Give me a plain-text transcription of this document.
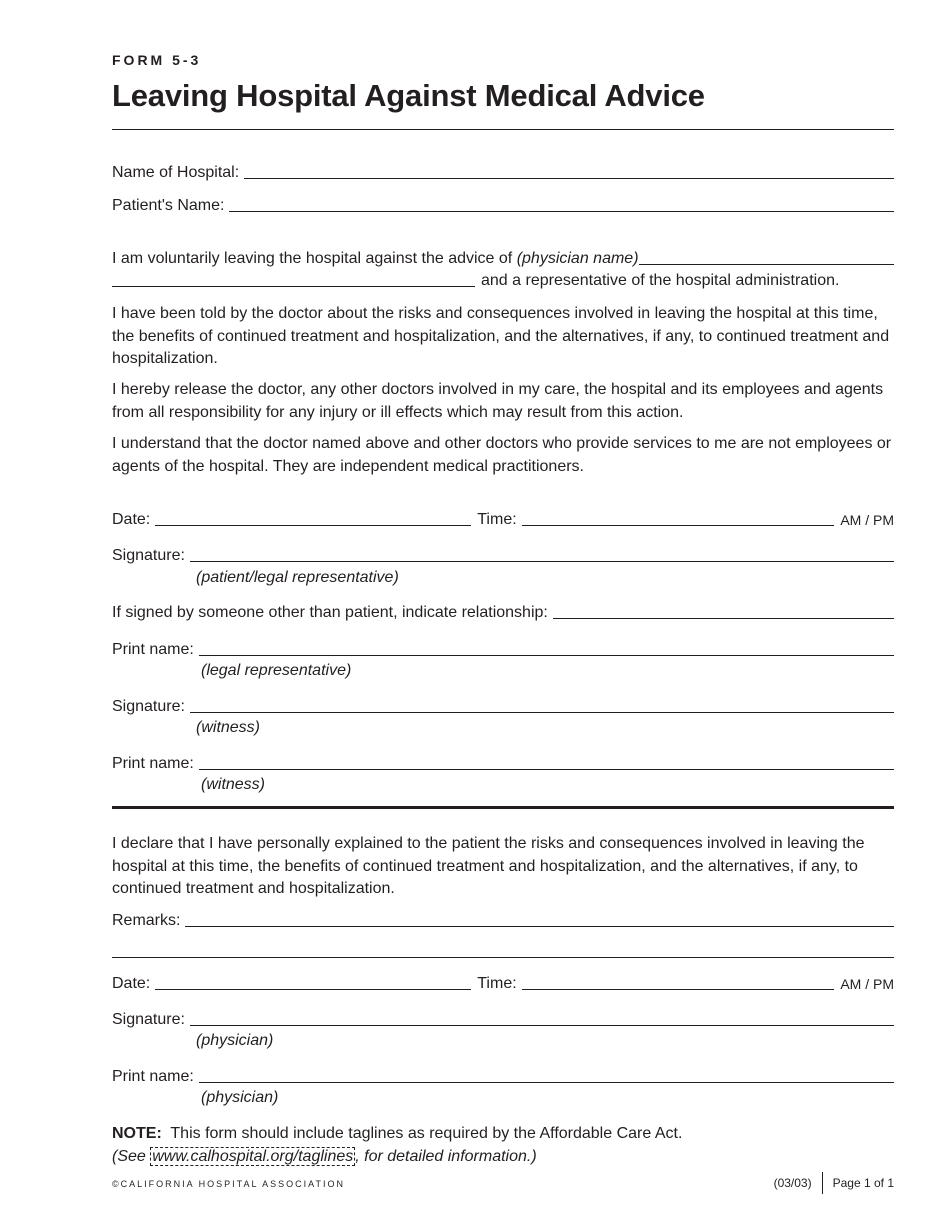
FORM 5-3
Leaving Hospital Against Medical Advice
Name of Hospital:
Patient's Name:
I am voluntarily leaving the hospital against the advice of (physician name)
and a representative of the hospital administration.

I have been told by the doctor about the risks and consequences involved in leaving the hospital at this time, the benefits of continued treatment and hospitalization, and the alternatives, if any, to continued treatment and hospitalization.

I hereby release the doctor, any other doctors involved in my care, the hospital and its employees and agents from all responsibility for any injury or ill effects which may result from this action.

I understand that the doctor named above and other doctors who provide services to me are not employees or agents of the hospital. They are independent medical practitioners.

Date:	Time:	AM / PM
Signature:
(patient/legal representative)
If signed by someone other than patient, indicate relationship:
Print name:
(legal representative)
Signature:
(witness)
Print name:
(witness)

I declare that I have personally explained to the patient the risks and consequences involved in leaving the hospital at this time, the benefits of continued treatment and hospitalization, and the alternatives, if any, to continued treatment and hospitalization.

Remarks:
Date:	Time:	AM / PM
Signature:
(physician)
Print name:
(physician)
NOTE: This form should include taglines as required by the Affordable Care Act.
(See www.calhospital.org/taglines , for detailed information.)
©CALIFORNIA HOSPITAL ASSOCIATION	(03/03) Page 1 of 1
